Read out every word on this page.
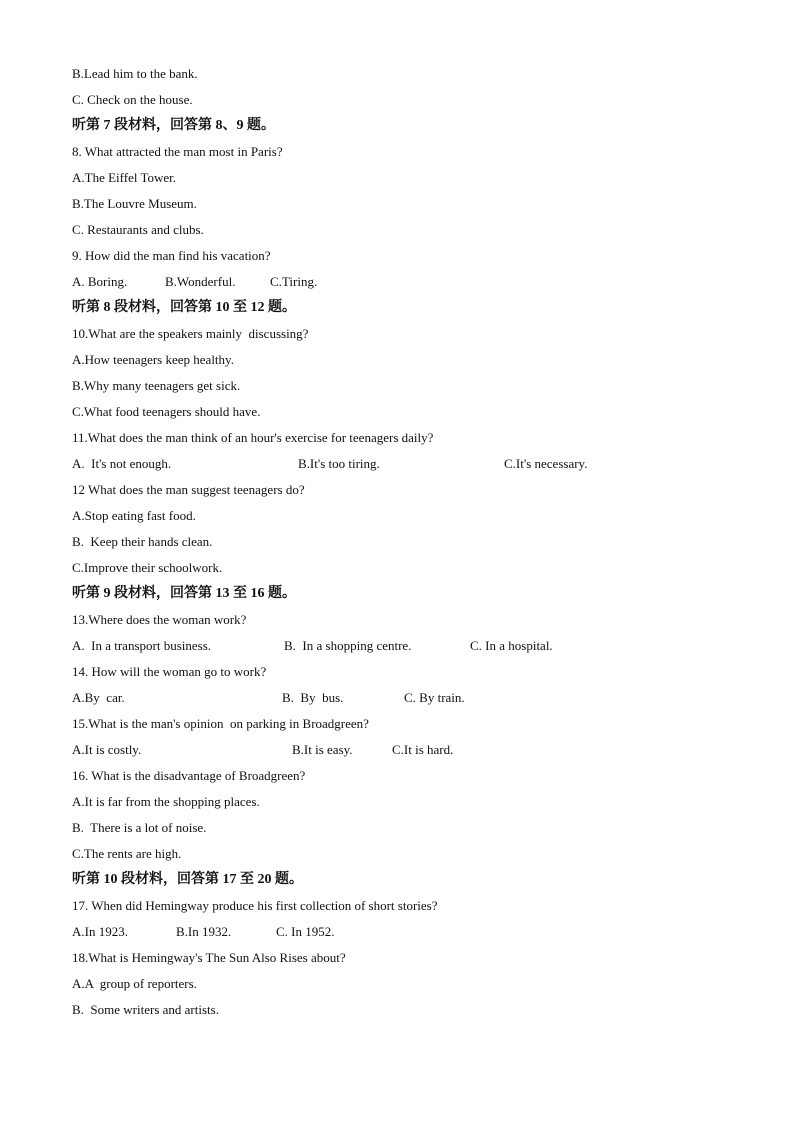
B.Lead him to the bank.
C. Check on the house.
听第 7 段材料，回答第 8、9 题。
8. What attracted the man most in Paris?
A.The Eiffel Tower.
B.The Louvre Museum.
C. Restaurants and clubs.
9. How did the man find his vacation?

A. Boring.

	B.Wonderful.

	C.Tiring.

听第 8 段材料，回答第 10 至 12 题。
10.What are the speakers mainly  discussing?
A.How teenagers keep healthy.
B.Why many teenagers get sick.
C.What food teenagers should have.
11.What does the man think of an hour's exercise for teenagers daily?

A.  It's not enough.

	B.It's too tiring.

	C.It's necessary.

12 What does the man suggest teenagers do?
A.Stop eating fast food.
B.  Keep their hands clean.
C.Improve their schoolwork.
听第 9 段材料，回答第 13 至 16 题。
13.Where does the woman work?

A.  In a transport business.

	B.  In a shopping centre.

	C. In a hospital.

14. How will the woman go to work?

A.By  car.

	B.  By  bus.

	C. By train.

15.What is the man's opinion  on parking in Broadgreen?

A.It is costly.

	B.It is easy.

	C.It is hard.

16. What is the disadvantage of Broadgreen?
A.It is far from the shopping places.
B.  There is a lot of noise.
C.The rents are high.
听第 10 段材料，回答第 17 至 20 题。
17. When did Hemingway produce his first collection of short stories?

A.In 1923.

	B.In 1932.

	C. In 1952.

18.What is Hemingway's The Sun Also Rises about?
A.A  group of reporters.
B.  Some writers and artists.
